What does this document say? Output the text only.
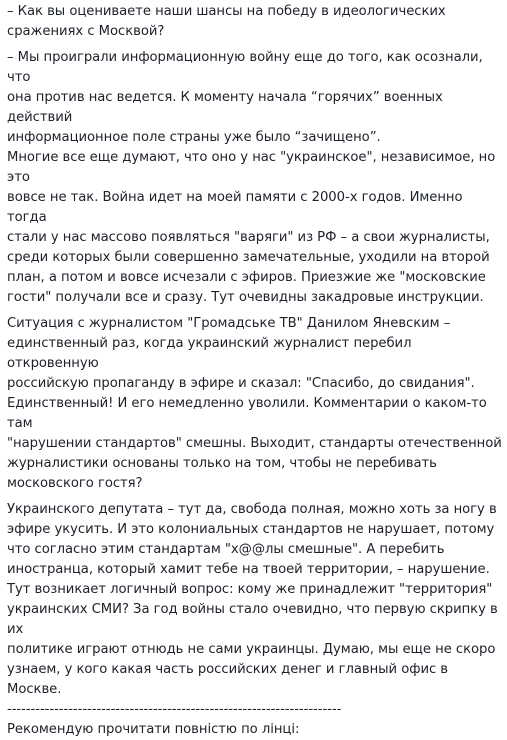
– Как вы оцениваете наши шансы на победу в идеологических
сражениях с Москвой?

– Мы проиграли информационную войну еще до того, как осознали, что
она против нас ведется. К моменту начала “горячих” военных действий
информационное поле страны уже было “зачищено”.
Многие все еще думают, что оно у нас "украинское", независимое, но это
вовсе не так. Война идет на моей памяти с 2000-х годов. Именно тогда
стали у нас массово появляться "варяги" из РФ – а свои журналисты,
среди которых были совершенно замечательные, уходили на второй
план, а потом и вовсе исчезали с эфиров. Приезжие же "московские
гости" получали все и сразу. Тут очевидны закадровые инструкции.

Ситуация с журналистом "Громадське ТВ" Данилом Яневским –
единственный раз, когда украинский журналист перебил откровенную
российскую пропаганду в эфире и сказал: "Спасибо, до свидания".
Единственный! И его немедленно уволили. Комментарии о каком-то там
"нарушении стандартов" смешны. Выходит, стандарты отечественной
журналистики основаны только на том, чтобы не перебивать
московского гостя?

Украинского депутата – тут да, свобода полная, можно хоть за ногу в
эфире укусить. И это колониальных стандартов не нарушает, потому
что согласно этим стандартам "х@@лы смешные". А перебить
иностранца, который хамит тебе на твоей территории, – нарушение.
Тут возникает логичный вопрос: кому же принадлежит "территория"
украинских СМИ? За год войны стало очевидно, что первую скрипку в их
политике играют отнюдь не сами украинцы. Думаю, мы еще не скоро
узнаем, у кого какая часть российских денег и главный офис в Москве.

-----------------------------------------------------------------------

Рекомендую прочитати повністю по лінці:
